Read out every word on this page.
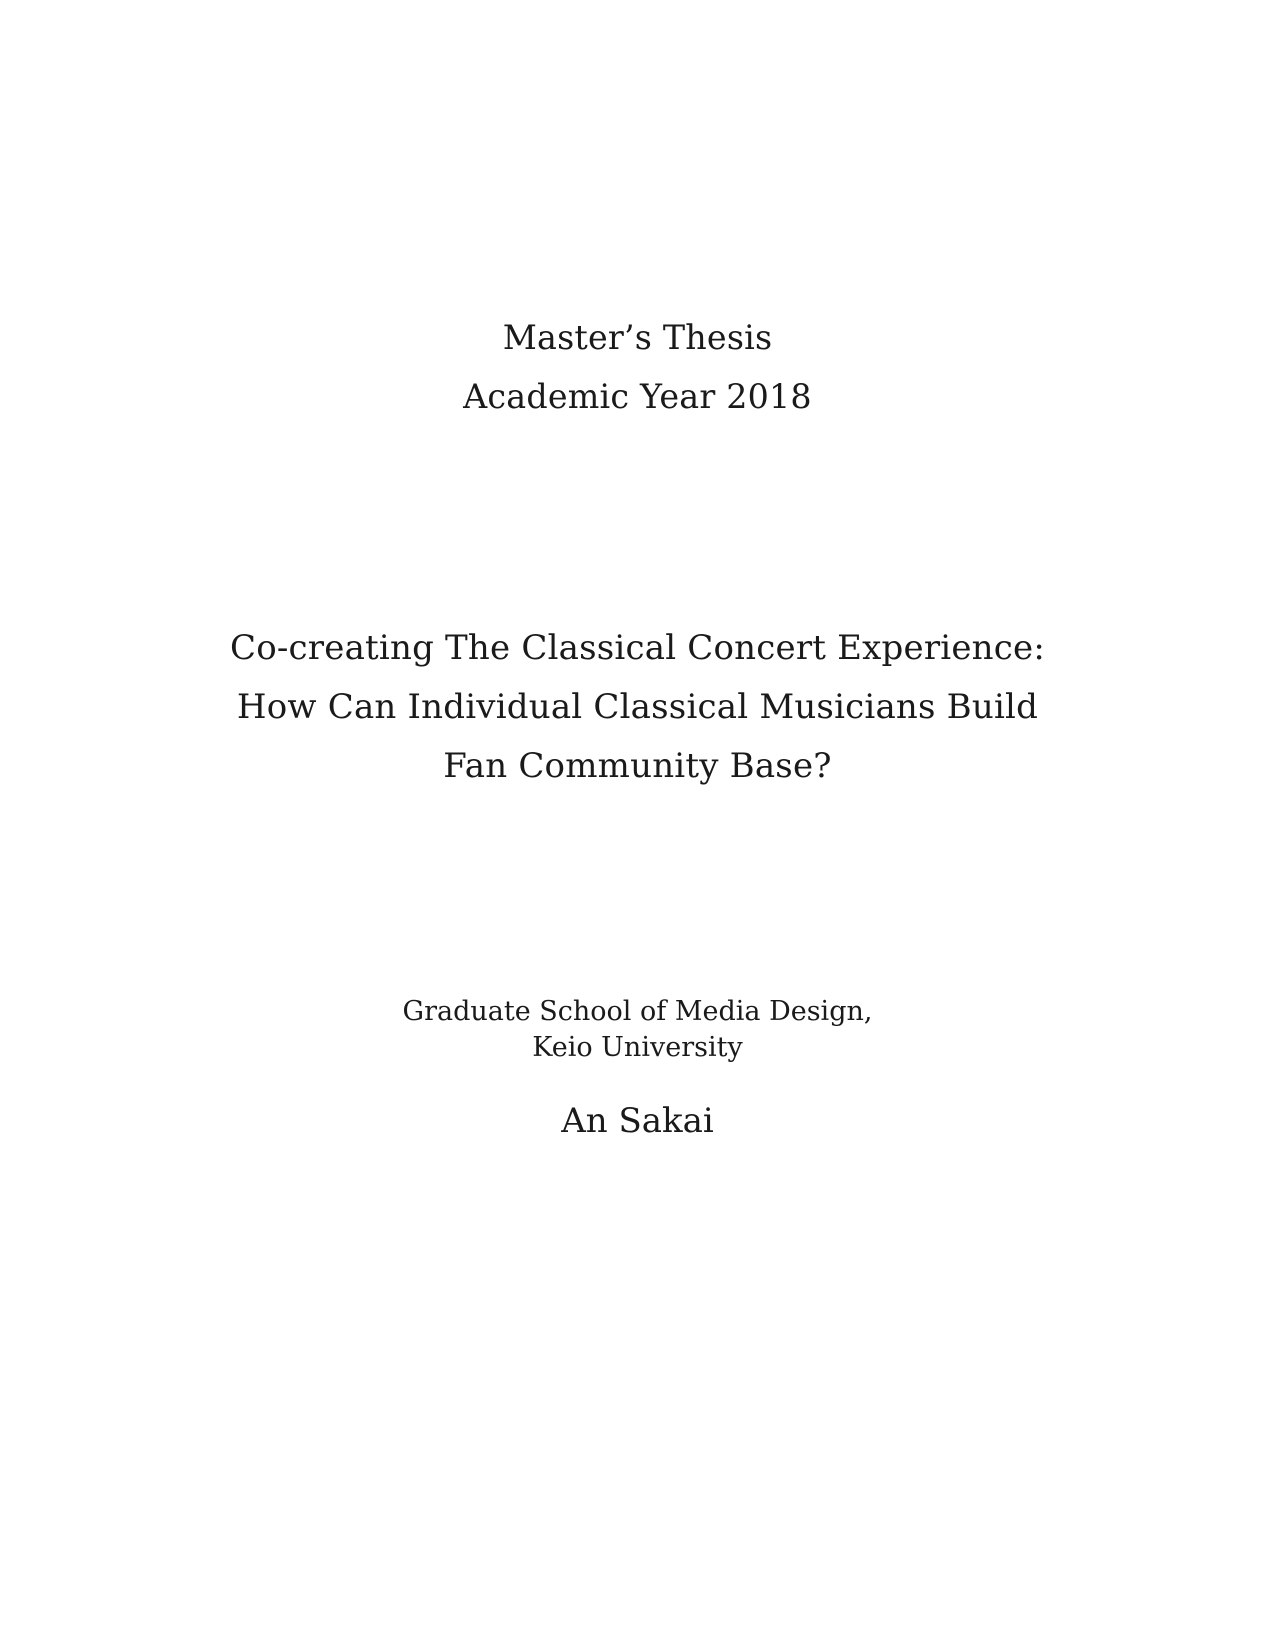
Master’s Thesis
Academic Year 2018
Co-creating The Classical Concert Experience:
How Can Individual Classical Musicians Build
Fan Community Base?
Graduate School of Media Design,
Keio University
An Sakai
